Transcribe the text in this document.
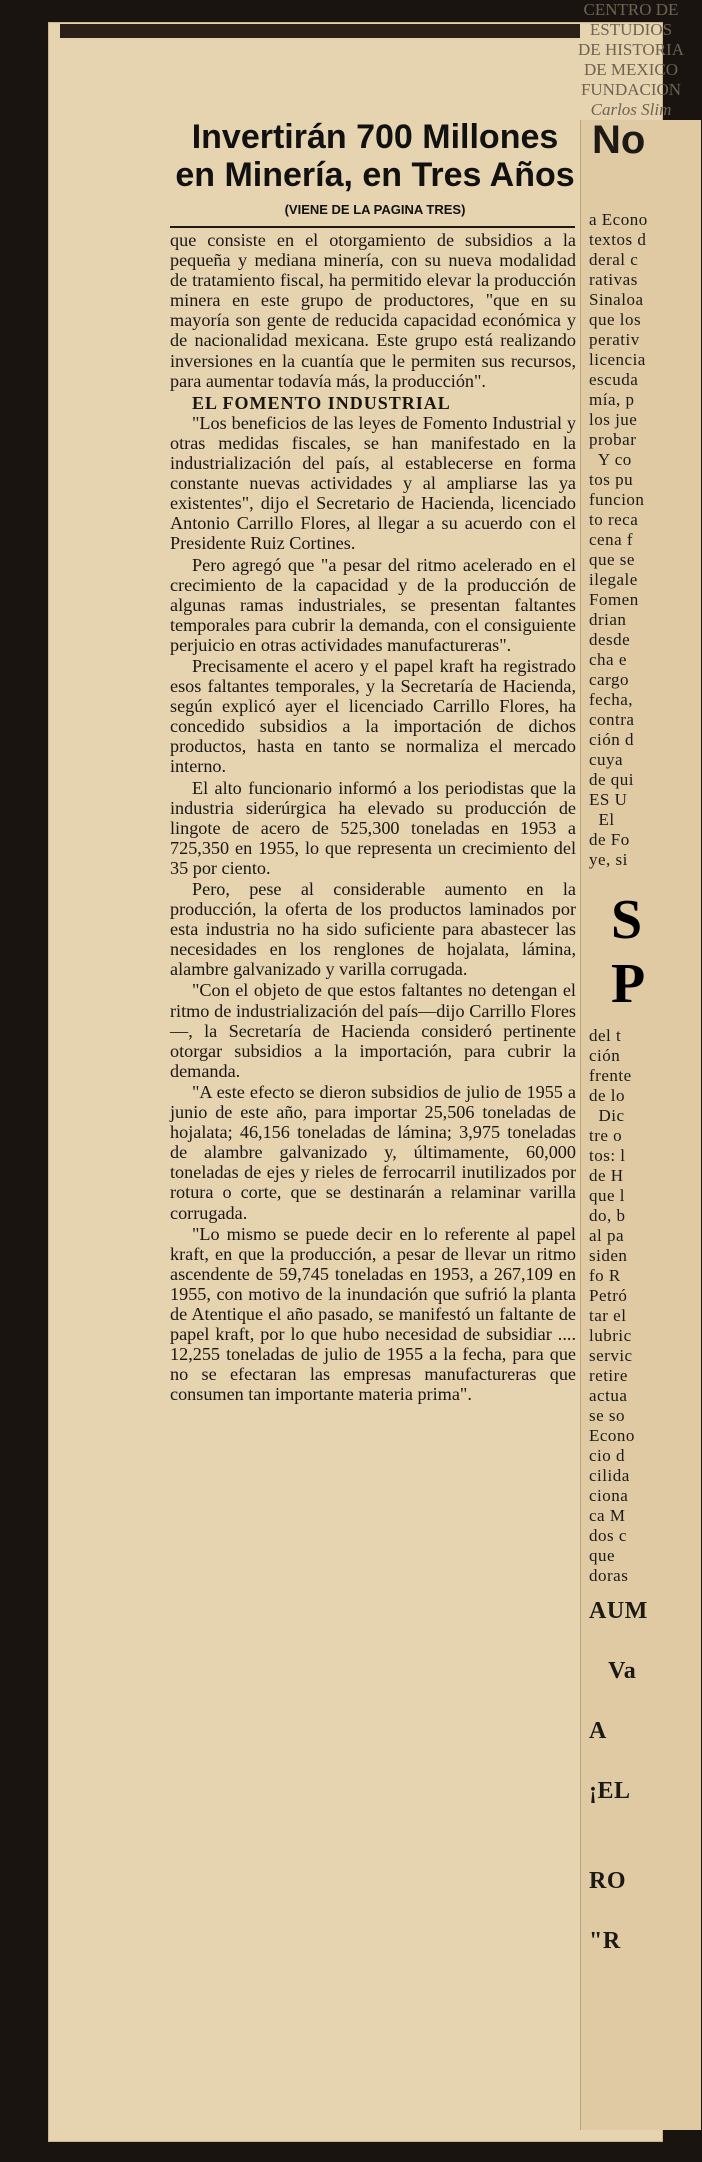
CENTRO DE
ESTUDIOS
DE HISTORIA
DE MEXICO
FUNDACION
Carlos Slim
Invertirán 700 Millones
en Minería, en Tres Años
(VIENE DE LA PAGINA TRES)
a Econo
textos d
deral c
rativas
Sinaloa
que los
perativ
licencia
escuda
mía, p
los jue
probar
Y co
tos pu
funcion
to reca
cena f
que se
ilegale
Fomen
drian
desde
cha e
cargo
fecha,
contra
ción d
cuya
de qui
ES U
El
de Fo
ye, si
S
P
del t
ción
frente
de lo
Dic
tre o
tos: l
de H
que l
do, b
al pa
siden
fo R
Petró
tar el
lubric
servic
retire
actua
se so
Econo
cio d
cilida
ciona
ca M
dos c
que
doras
AUM

Va

A

¡EL

RO

"R
No

que consiste en el otorgamiento de subsidios a la pequeña y mediana minería, con su nueva modalidad de tratamiento fiscal, ha permitido elevar la producción minera en este grupo de productores, "que en su mayoría son gente de reducida capacidad económica y de nacionalidad mexicana. Este grupo está realizando inversiones en la cuantía que le permiten sus recursos, para aumentar todavía más, la producción".

EL FOMENTO INDUSTRIAL

"Los beneficios de las leyes de Fomento Industrial y otras medidas fiscales, se han manifestado en la industrialización del país, al establecerse en forma constante nuevas actividades y al ampliarse las ya existentes", dijo el Secretario de Hacienda, licenciado Antonio Carrillo Flores, al llegar a su acuerdo con el Presidente Ruiz Cortines.

Pero agregó que "a pesar del ritmo acelerado en el crecimiento de la capacidad y de la producción de algunas ramas industriales, se presentan faltantes temporales para cubrir la demanda, con el consiguiente perjuicio en otras actividades manufactureras".

Precisamente el acero y el papel kraft ha registrado esos faltantes temporales, y la Secretaría de Hacienda, según explicó ayer el licenciado Carrillo Flores, ha concedido subsidios a la importación de dichos productos, hasta en tanto se normaliza el mercado interno.

El alto funcionario informó a los periodistas que la industria siderúrgica ha elevado su producción de lingote de acero de 525,300 toneladas en 1953 a 725,350 en 1955, lo que representa un crecimiento del 35 por ciento.

Pero, pese al considerable aumento en la producción, la oferta de los productos laminados por esta industria no ha sido suficiente para abastecer las necesidades en los renglones de hojalata, lámina, alambre galvanizado y varilla corrugada.

"Con el objeto de que estos faltantes no detengan el ritmo de industrialización del país—dijo Carrillo Flores—, la Secretaría de Hacienda consideró pertinente otorgar subsidios a la importación, para cubrir la demanda.

"A este efecto se dieron subsidios de julio de 1955 a junio de este año, para importar 25,506 toneladas de hojalata; 46,156 toneladas de lámina; 3,975 toneladas de alambre galvanizado y, últimamente, 60,000 toneladas de ejes y rieles de ferrocarril inutilizados por rotura o corte, que se destinarán a relaminar varilla corrugada.

"Lo mismo se puede decir en lo referente al papel kraft, en que la producción, a pesar de llevar un ritmo ascendente de 59,745 toneladas en 1953, a 267,109 en 1955, con motivo de la inundación que sufrió la planta de Atentique el año pasado, se manifestó un faltante de papel kraft, por lo que hubo necesidad de subsidiar .... 12,255 toneladas de julio de 1955 a la fecha, para que no se efectaran las empresas manufactureras que consumen tan importante materia prima".
